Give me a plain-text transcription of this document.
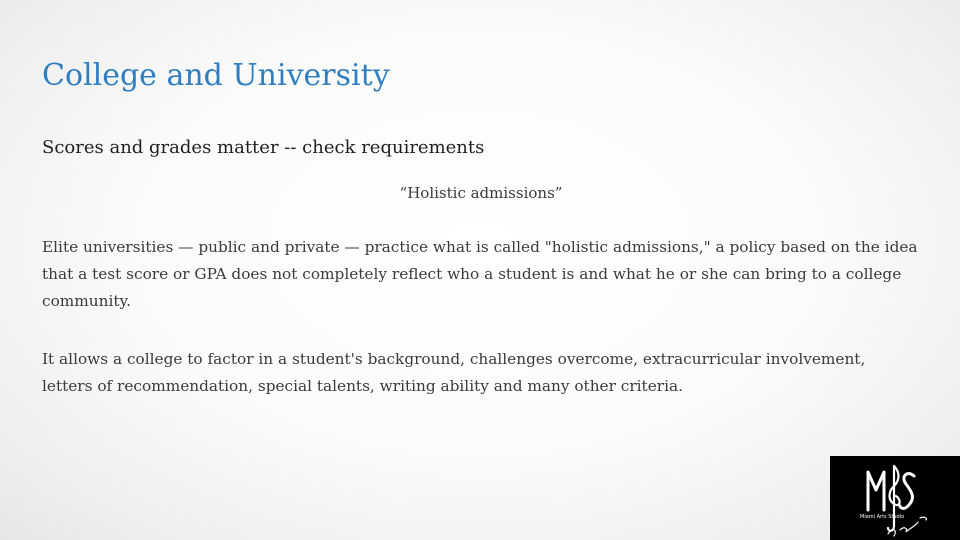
College and University

Scores and grades matter -- check requirements

“Holistic admissions”

Elite universities — public and private — practice what is called "holistic admissions," a policy based on the idea that a test score or GPA does not completely reflect who a student is and what he or she can bring to a college community.

It allows a college to factor in a student's background, challenges overcome, extracurricular involvement, letters of recommendation, special talents, writing ability and many other criteria.

Miami Arts Studio
